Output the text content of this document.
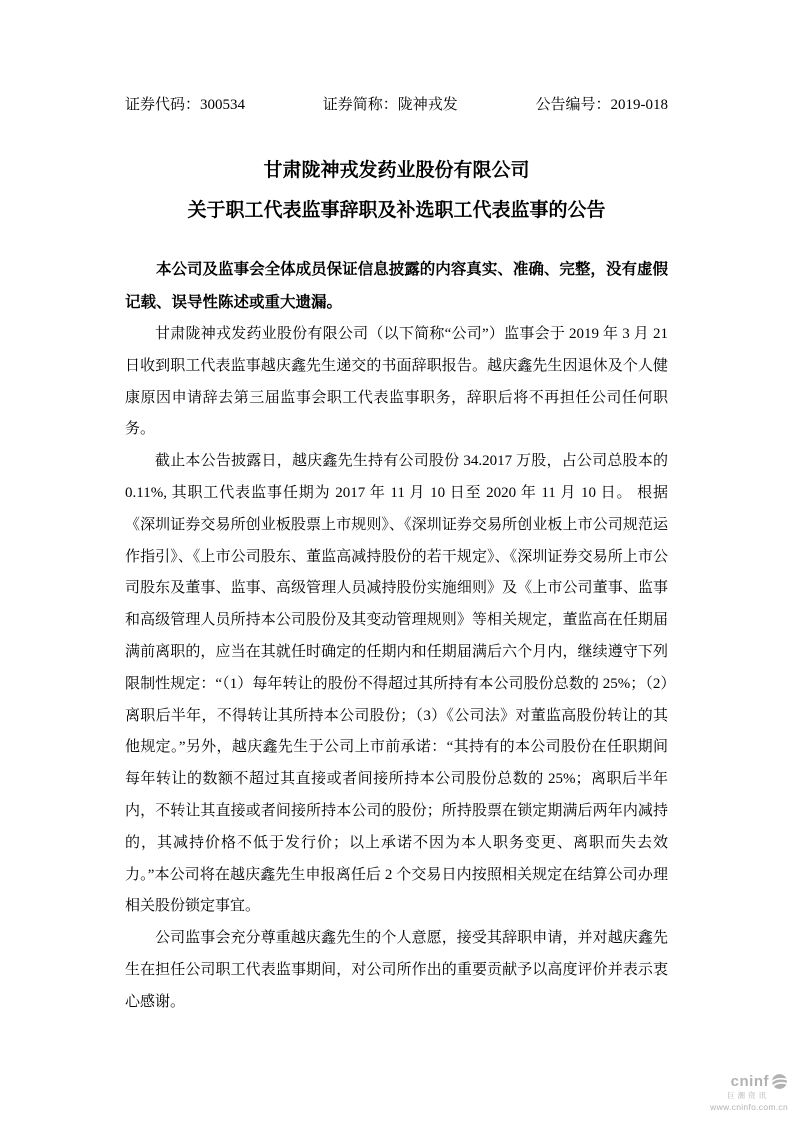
证券代码：300534	证券简称：陇神戎发	公告编号：2019-018
甘肃陇神戎发药业股份有限公司
关于职工代表监事辞职及补选职工代表监事的公告

本公司及监事会全体成员保证信息披露的内容真实、准确、完整，没有虚假记载、误导性陈述或重大遗漏。

甘肃陇神戎发药业股份有限公司（以下简称“公司”）监事会于 2019 年 3 月 21 日收到职工代表监事越庆鑫先生递交的书面辞职报告。越庆鑫先生因退休及个人健康原因申请辞去第三届监事会职工代表监事职务，辞职后将不再担任公司任何职务。

截止本公告披露日，越庆鑫先生持有公司股份 34.2017 万股，占公司总股本的 0.11%, 其职工代表监事任期为 2017 年 11 月 10 日至 2020 年 11 月 10 日。 根据《深圳证券交易所创业板股票上市规则》、《深圳证券交易所创业板上市公司规范运作指引》、《上市公司股东、董监高减持股份的若干规定》、《深圳证券交易所上市公司股东及董事、监事、高级管理人员减持股份实施细则》及《上市公司董事、监事和高级管理人员所持本公司股份及其变动管理规则》等相关规定，董监高在任期届满前离职的，应当在其就任时确定的任期内和任期届满后六个月内，继续遵守下列限制性规定：“（1）每年转让的股份不得超过其所持有本公司股份总数的 25%；（2）离职后半年，不得转让其所持本公司股份；（3）《公司法》对董监高股份转让的其他规定。”另外，越庆鑫先生于公司上市前承诺：“其持有的本公司股份在任职期间每年转让的数额不超过其直接或者间接所持本公司股份总数的 25%；离职后半年内，不转让其直接或者间接所持本公司的股份；所持股票在锁定期满后两年内减持的，其减持价格不低于发行价；以上承诺不因为本人职务变更、离职而失去效力。”本公司将在越庆鑫先生申报离任后 2 个交易日内按照相关规定在结算公司办理相关股份锁定事宜。

公司监事会充分尊重越庆鑫先生的个人意愿，接受其辞职申请，并对越庆鑫先生在担任公司职工代表监事期间，对公司所作出的重要贡献予以高度评价并表示衷心感谢。

cninf
巨潮资讯
www.cninfo.com.cn
